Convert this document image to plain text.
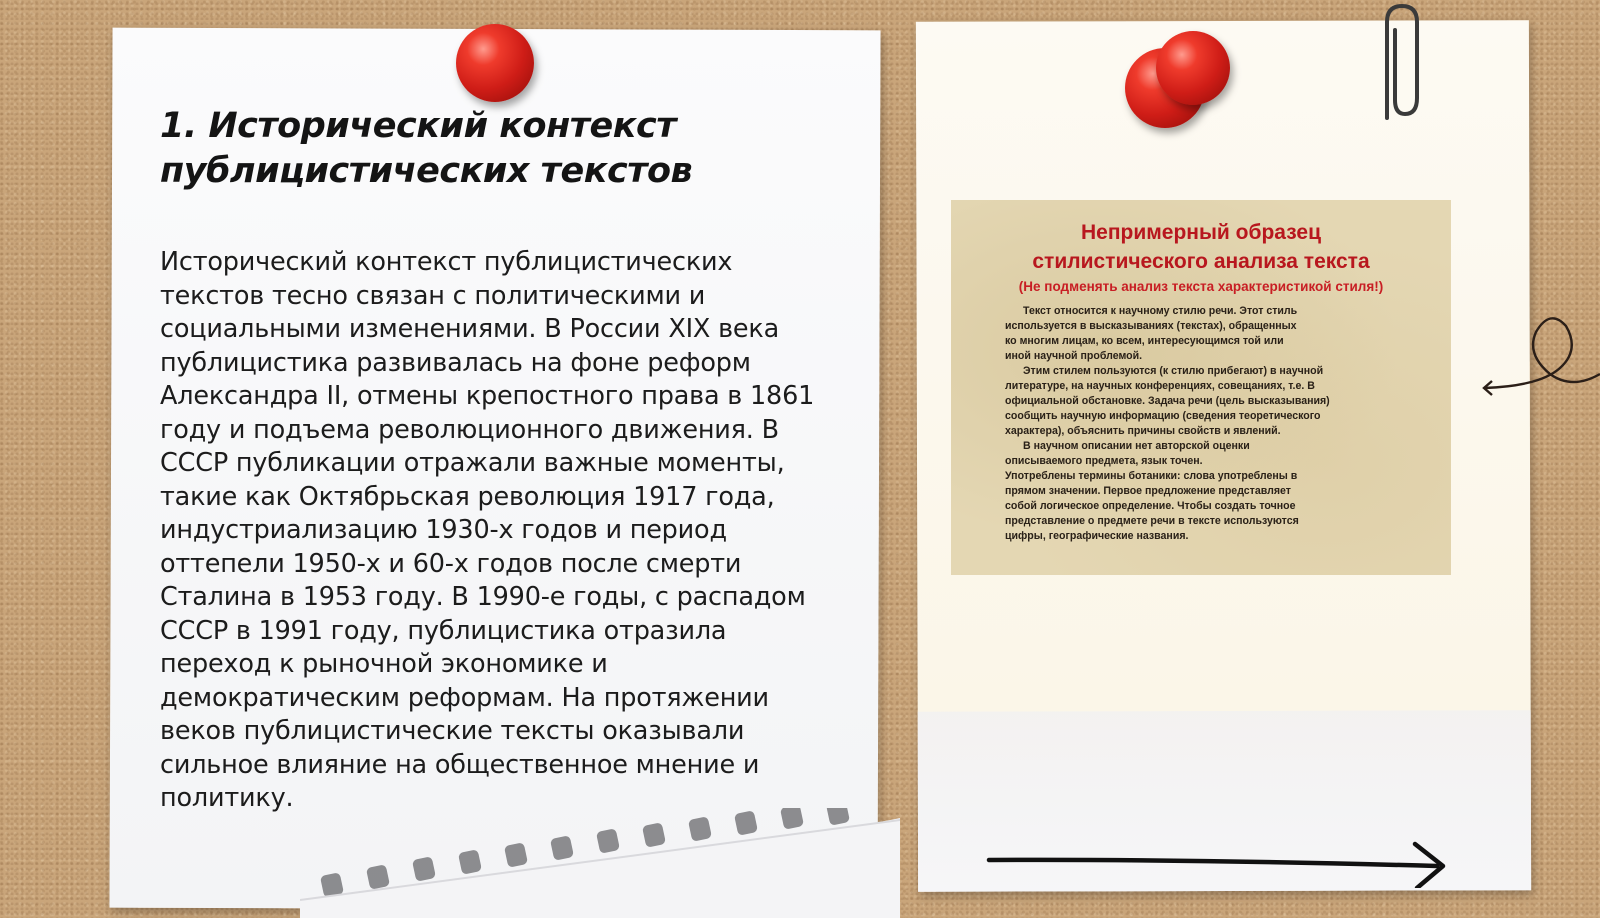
1. Исторический контекст публицистических текстов

Исторический контекст публицистических текстов тесно связан с политическими и социальными изменениями. В России XIX века публицистика развивалась на фоне реформ Александра II, отмены крепостного права в 1861 году и подъема революционного движения. В СССР публикации отражали важные моменты, такие как Октябрьская революция 1917 года, индустриализацию 1930-х годов и период оттепели 1950-х и 60-х годов после смерти Сталина в 1953 году. В 1990-е годы, с распадом СССР в 1991 году, публицистика отразила переход к рыночной экономике и демократическим реформам. На протяжении веков публицистические тексты оказывали сильное влияние на общественное мнение и политику.

Непримерный образец
стилистического анализа текста
(Не подменять анализ текста характеристикой стиля!)
Текст относится к научному стилю речи. Этот стиль
используется в высказываниях (текстах), обращенных
ко многим лицам, ко всем, интересующимся той или
иной научной проблемой.
Этим стилем пользуются (к стилю прибегают) в научной
литературе, на научных конференциях, совещаниях, т.е. В
официальной обстановке. Задача речи (цель высказывания)
сообщить научную информацию (сведения теоретического
характера), объяснить причины свойств и явлений.
В научном описании нет авторской оценки
описываемого предмета, язык точен.
Употреблены термины ботаники: слова употреблены в
прямом значении. Первое предложение представляет
собой логическое определение. Чтобы создать точное
представление о предмете речи в тексте используются
цифры, географические названия.
